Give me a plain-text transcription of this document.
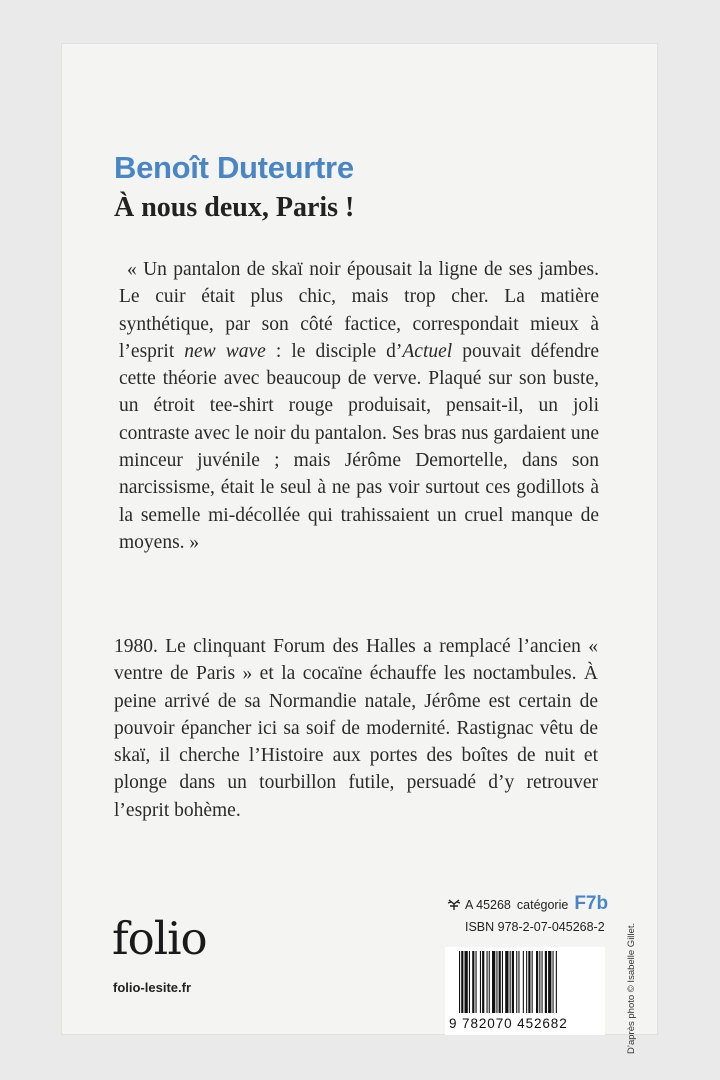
Benoît Duteurtre
À nous deux, Paris !

« Un pantalon de skaï noir épousait la ligne de ses jambes. Le cuir était plus chic, mais trop cher. La matière synthétique, par son côté factice, correspondait mieux à l’esprit new wave : le disciple d’Actuel pouvait défendre cette théorie avec beaucoup de verve. Plaqué sur son buste, un étroit tee-shirt rouge produisait, pensait-il, un joli contraste avec le noir du pantalon. Ses bras nus gardaient une minceur juvénile ; mais Jérôme Demortelle, dans son narcissisme, était le seul à ne pas voir surtout ces godillots à la semelle mi-décollée qui trahissaient un cruel manque de moyens. »

1980. Le clinquant Forum des Halles a remplacé l’ancien « ventre de Paris » et la cocaïne échauffe les noctambules. À peine arrivé de sa Normandie natale, Jérôme est certain de pouvoir épancher ici sa soif de modernité. Rastignac vêtu de skaï, il cherche l’Histoire aux portes des boîtes de nuit et plonge dans un tourbillon futile, persuadé d’y retrouver l’esprit bohème.

folio
folio-lesite.fr
A 45268 catégorie F7b
ISBN 978-2-07-045268-2
9 782070 452682	D’après photo © Isabelle Gillet.
